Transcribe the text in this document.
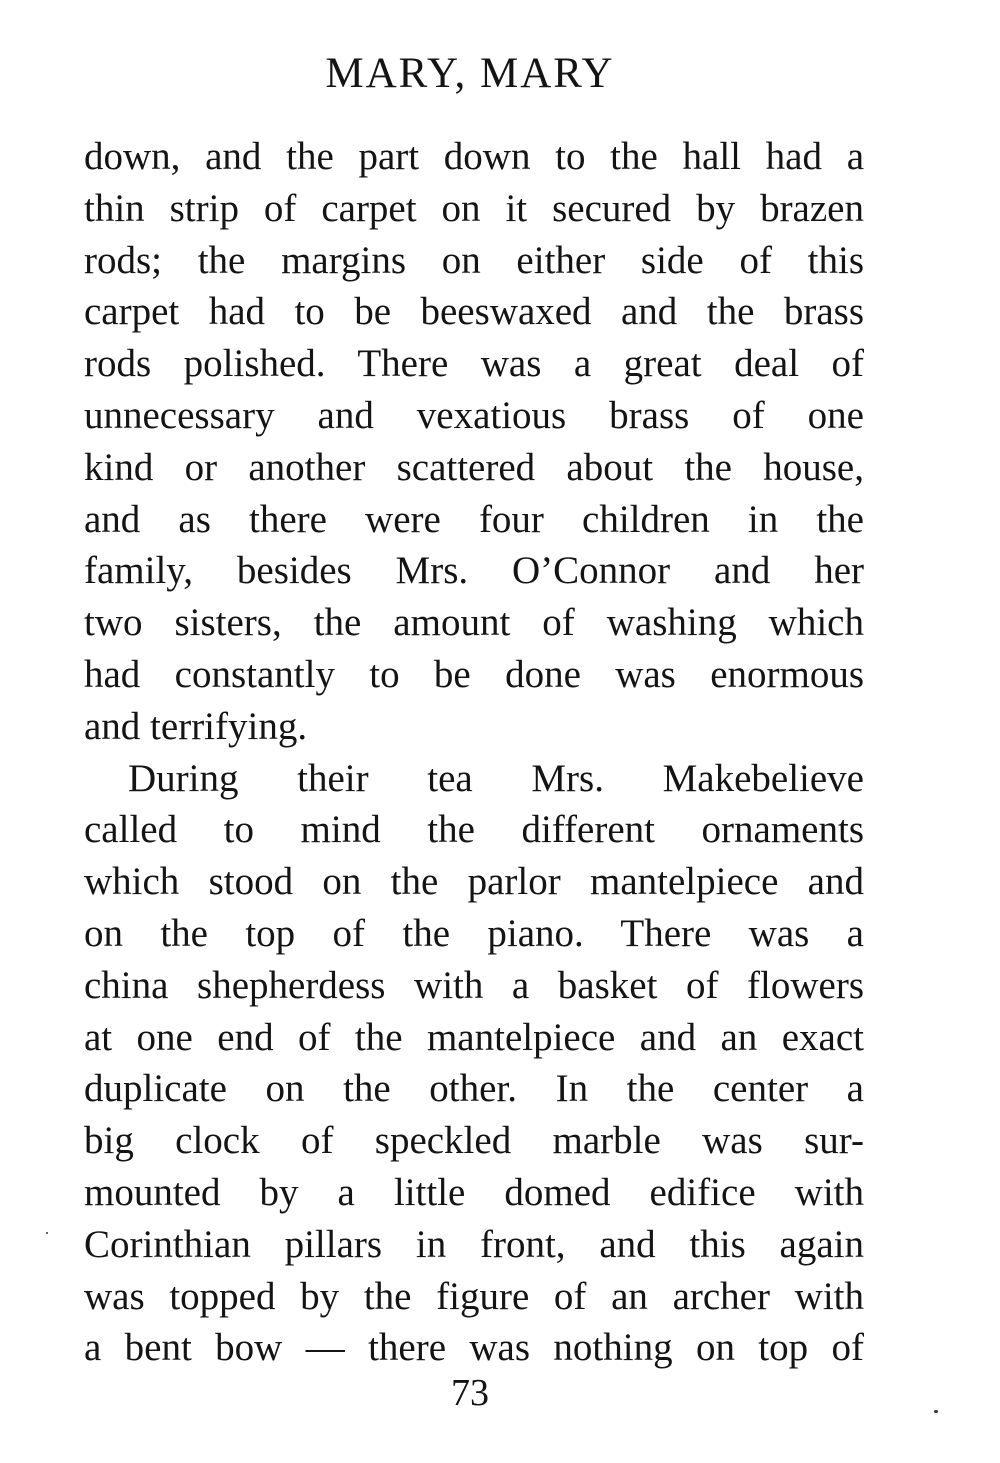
MARY, MARY
down, and the part down to the hall had a
thin strip of carpet on it secured by brazen
rods; the margins on either side of this
carpet had to be beeswaxed and the brass
rods polished. There was a great deal of
unnecessary and vexatious brass of one
kind or another scattered about the house,
and as there were four children in the
family, besides Mrs. O’Connor and her
two sisters, the amount of washing which
had constantly to be done was enormous
and terrifying.
During their tea Mrs. Makebelieve
called to mind the different ornaments
which stood on the parlor mantelpiece and
on the top of the piano. There was a
china shepherdess with a basket of flowers
at one end of the mantelpiece and an exact
duplicate on the other. In the center a
big clock of speckled marble was sur-
mounted by a little domed edifice with
Corinthian pillars in front, and this again
was topped by the figure of an archer with
a bent bow — there was nothing on top of
73
